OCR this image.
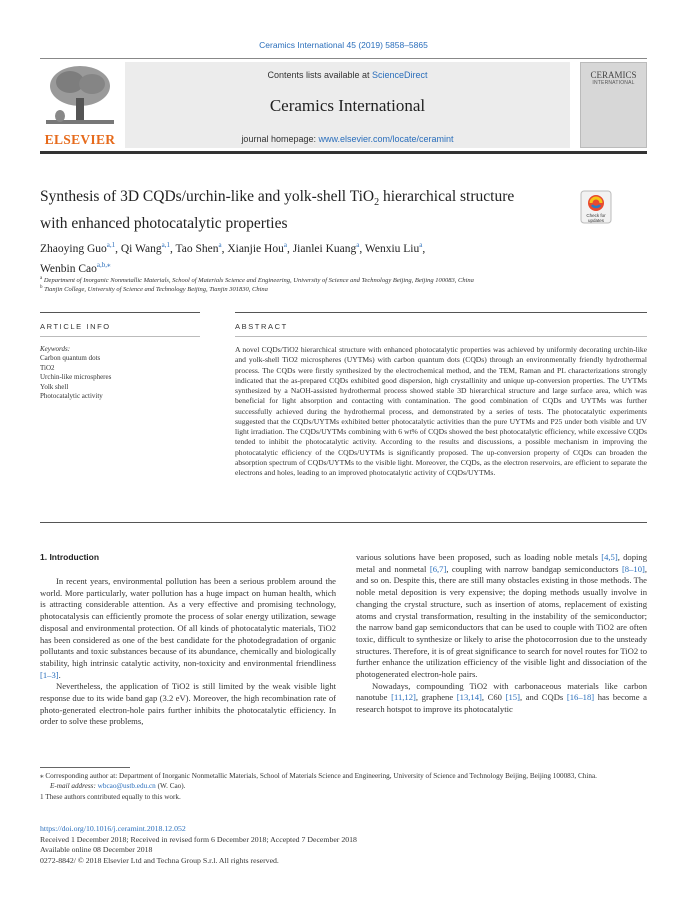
Ceramics International 45 (2019) 5858–5865
ELSEVIER
Contents lists available at ScienceDirect
Ceramics International
journal homepage: www.elsevier.com/locate/ceramint
CERAMICS
INTERNATIONAL
Synthesis of 3D CQDs/urchin-like and yolk-shell TiO$_2$ hierarchical structure
with enhanced photocatalytic properties	Check for updates
Zhaoying Guo$^{a,1}$, Qi Wang$^{a,1}$, Tao Shen$^a$, Xianjie Hou$^a$, Jianlei Kuang$^a$, Wenxiu Liu$^a$,
Wenbin Cao$^{a,b,⁎}$
$^a$ Department of Inorganic Nonmetallic Materials, School of Materials Science and Engineering, University of Science and Technology Beijing, Beijing 100083, China
$^b$ Tianjin College, University of Science and Technology Beijing, Tianjin 301830, China
ARTICLE INFO	ABSTRACT
Keywords:
Carbon quantum dots
TiO2
Urchin-like microspheres
Yolk shell
Photocatalytic activity
A novel CQDs/TiO2 hierarchical structure with enhanced photocatalytic properties was achieved by uniformly decorating urchin-like and yolk-shell TiO2 microspheres (UYTMs) with carbon quantum dots (CQDs) through an environmentally friendly hydrothermal process. The CQDs were firstly synthesized by the electrochemical method, and the TEM, Raman and PL characterizations strongly indicated that the as-prepared CQDs exhibited good dispersion, high crystallinity and unique up-conversion properties. The UYTMs synthesized by a NaOH-assisted hydrothermal process showed stable 3D hierarchical structure and large surface area, which was beneficial for light absorption and contacting with contamination. The good combination of CQDs and UYTMs was further successfully achieved during the hydrothermal process, and demonstrated by a series of tests. The photocatalytic experiments suggested that the CQDs/UYTMs exhibited better photocatalytic activities than the pure UYTMs and P25 under both visible and UV light irradiation. The CQDs/UYTMs combining with 6 wt% of CQDs showed the best photocatalytic efficiency, while excessive CQDs tended to inhibit the photocatalytic activity. According to the results and discussions, a possible mechanism in improving the photocatalytic efficiency of the CQDs/UYTMs is significantly proposed. The up-conversion property of CQDs can broaden the absorption spectrum of CQDs/UYTMs to the visible light. Moreover, the CQDs, as the electron reservoirs, are efficient to separate the electrons and holes, leading to an improved photocatalytic activity of CQDs/UYTMs.
1. Introduction

In recent years, environmental pollution has been a serious problem around the world. More particularly, water pollution has a huge impact on human health, which is attracting considerable attention. As a very effective and promising technology, photocatalysis can efficiently promote the process of solar energy utilization, sewage disposal and environmental protection. Of all kinds of photocatalytic materials, TiO2 has been considered as one of the best candidate for the photodegradation of organic pollutants and toxic substances because of its abundance, chemically and biologically stability, high intrinsic catalytic activity, non-toxicity and environmental friendliness [1–3].

Nevertheless, the application of TiO2 is still limited by the weak visible light response due to its wide band gap (3.2 eV). Moreover, the high recombination rate of photo-generated electron-hole pairs further inhibits the photocatalytic efficiency. In order to solve these problems,

various solutions have been proposed, such as loading noble metals [4,5], doping metal and nonmetal [6,7], coupling with narrow bandgap semiconductors [8–10], and so on. Despite this, there are still many obstacles existing in those methods. The noble metal deposition is very expensive; the doping methods usually involve in changing the crystal structure, such as insertion of atoms, replacement of existing atoms and crystal transformation, resulting in the instability of the semiconductor; the narrow band gap semiconductors that can be used to couple with TiO2 are often toxic, difficult to synthesize or likely to arise the photocorrosion due to the unsteady structures. Therefore, it is of great significance to search for novel routes for TiO2 to further enhance the utilization efficiency of the visible light and dissociation of the photogenerated electron-hole pairs.

Nowadays, compounding TiO2 with carbonaceous materials like carbon nanotube [11,12], graphene [13,14], C60 [15], and CQDs [16–18] has become a research hotspot to improve its photocatalytic

⁎ Corresponding author at: Department of Inorganic Nonmetallic Materials, School of Materials Science and Engineering, University of Science and Technology Beijing, Beijing 100083, China.
E-mail address: wbcao@ustb.edu.cn (W. Cao).
1 These authors contributed equally to this work.
https://doi.org/10.1016/j.ceramint.2018.12.052
Received 1 December 2018; Received in revised form 6 December 2018; Accepted 7 December 2018
Available online 08 December 2018
0272-8842/ © 2018 Elsevier Ltd and Techna Group S.r.l. All rights reserved.
